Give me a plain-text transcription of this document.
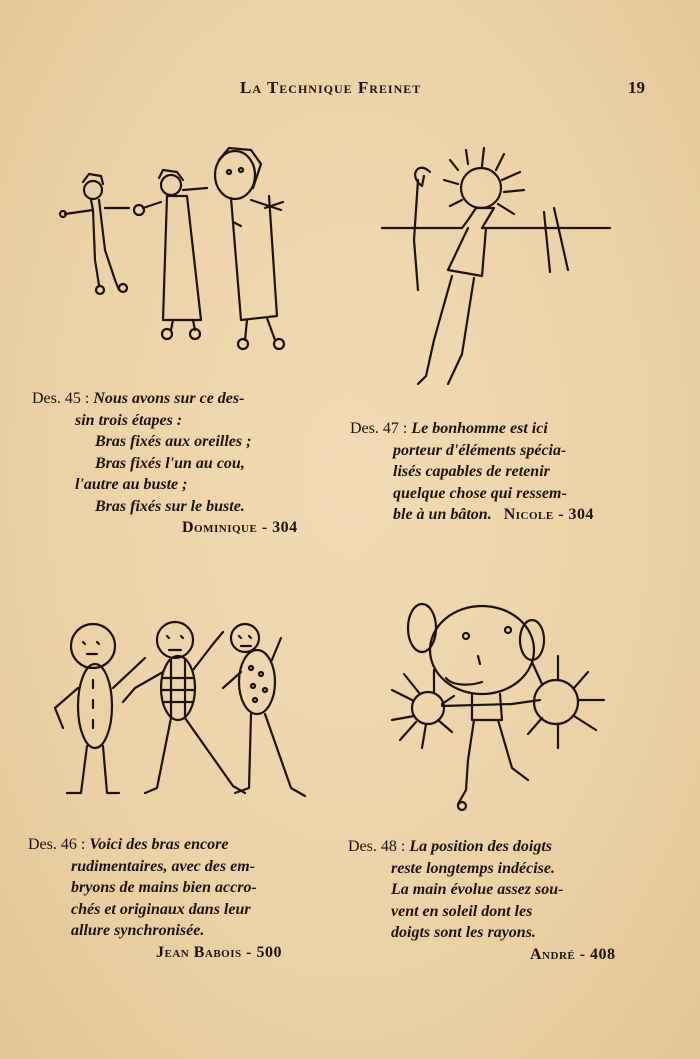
La Technique Freinet	19
Des. 45 : Nous avons sur ce des-
sin trois étapes :
Bras fixés aux oreilles ;
Bras fixés l'un au cou,
l'autre au buste ;
Bras fixés sur le buste.
Dominique - 304
Des. 47 : Le bonhomme est ici
porteur d'éléments spécia-
lisés capables de retenir
quelque chose qui ressem-
ble à un bâton. Nicole - 304
Des. 46 : Voici des bras encore
rudimentaires, avec des em-
bryons de mains bien accro-
chés et originaux dans leur
allure synchronisée.
Jean Babois - 500
Des. 48 : La position des doigts
reste longtemps indécise.
La main évolue assez sou-
vent en soleil dont les
doigts sont les rayons.
André - 408
